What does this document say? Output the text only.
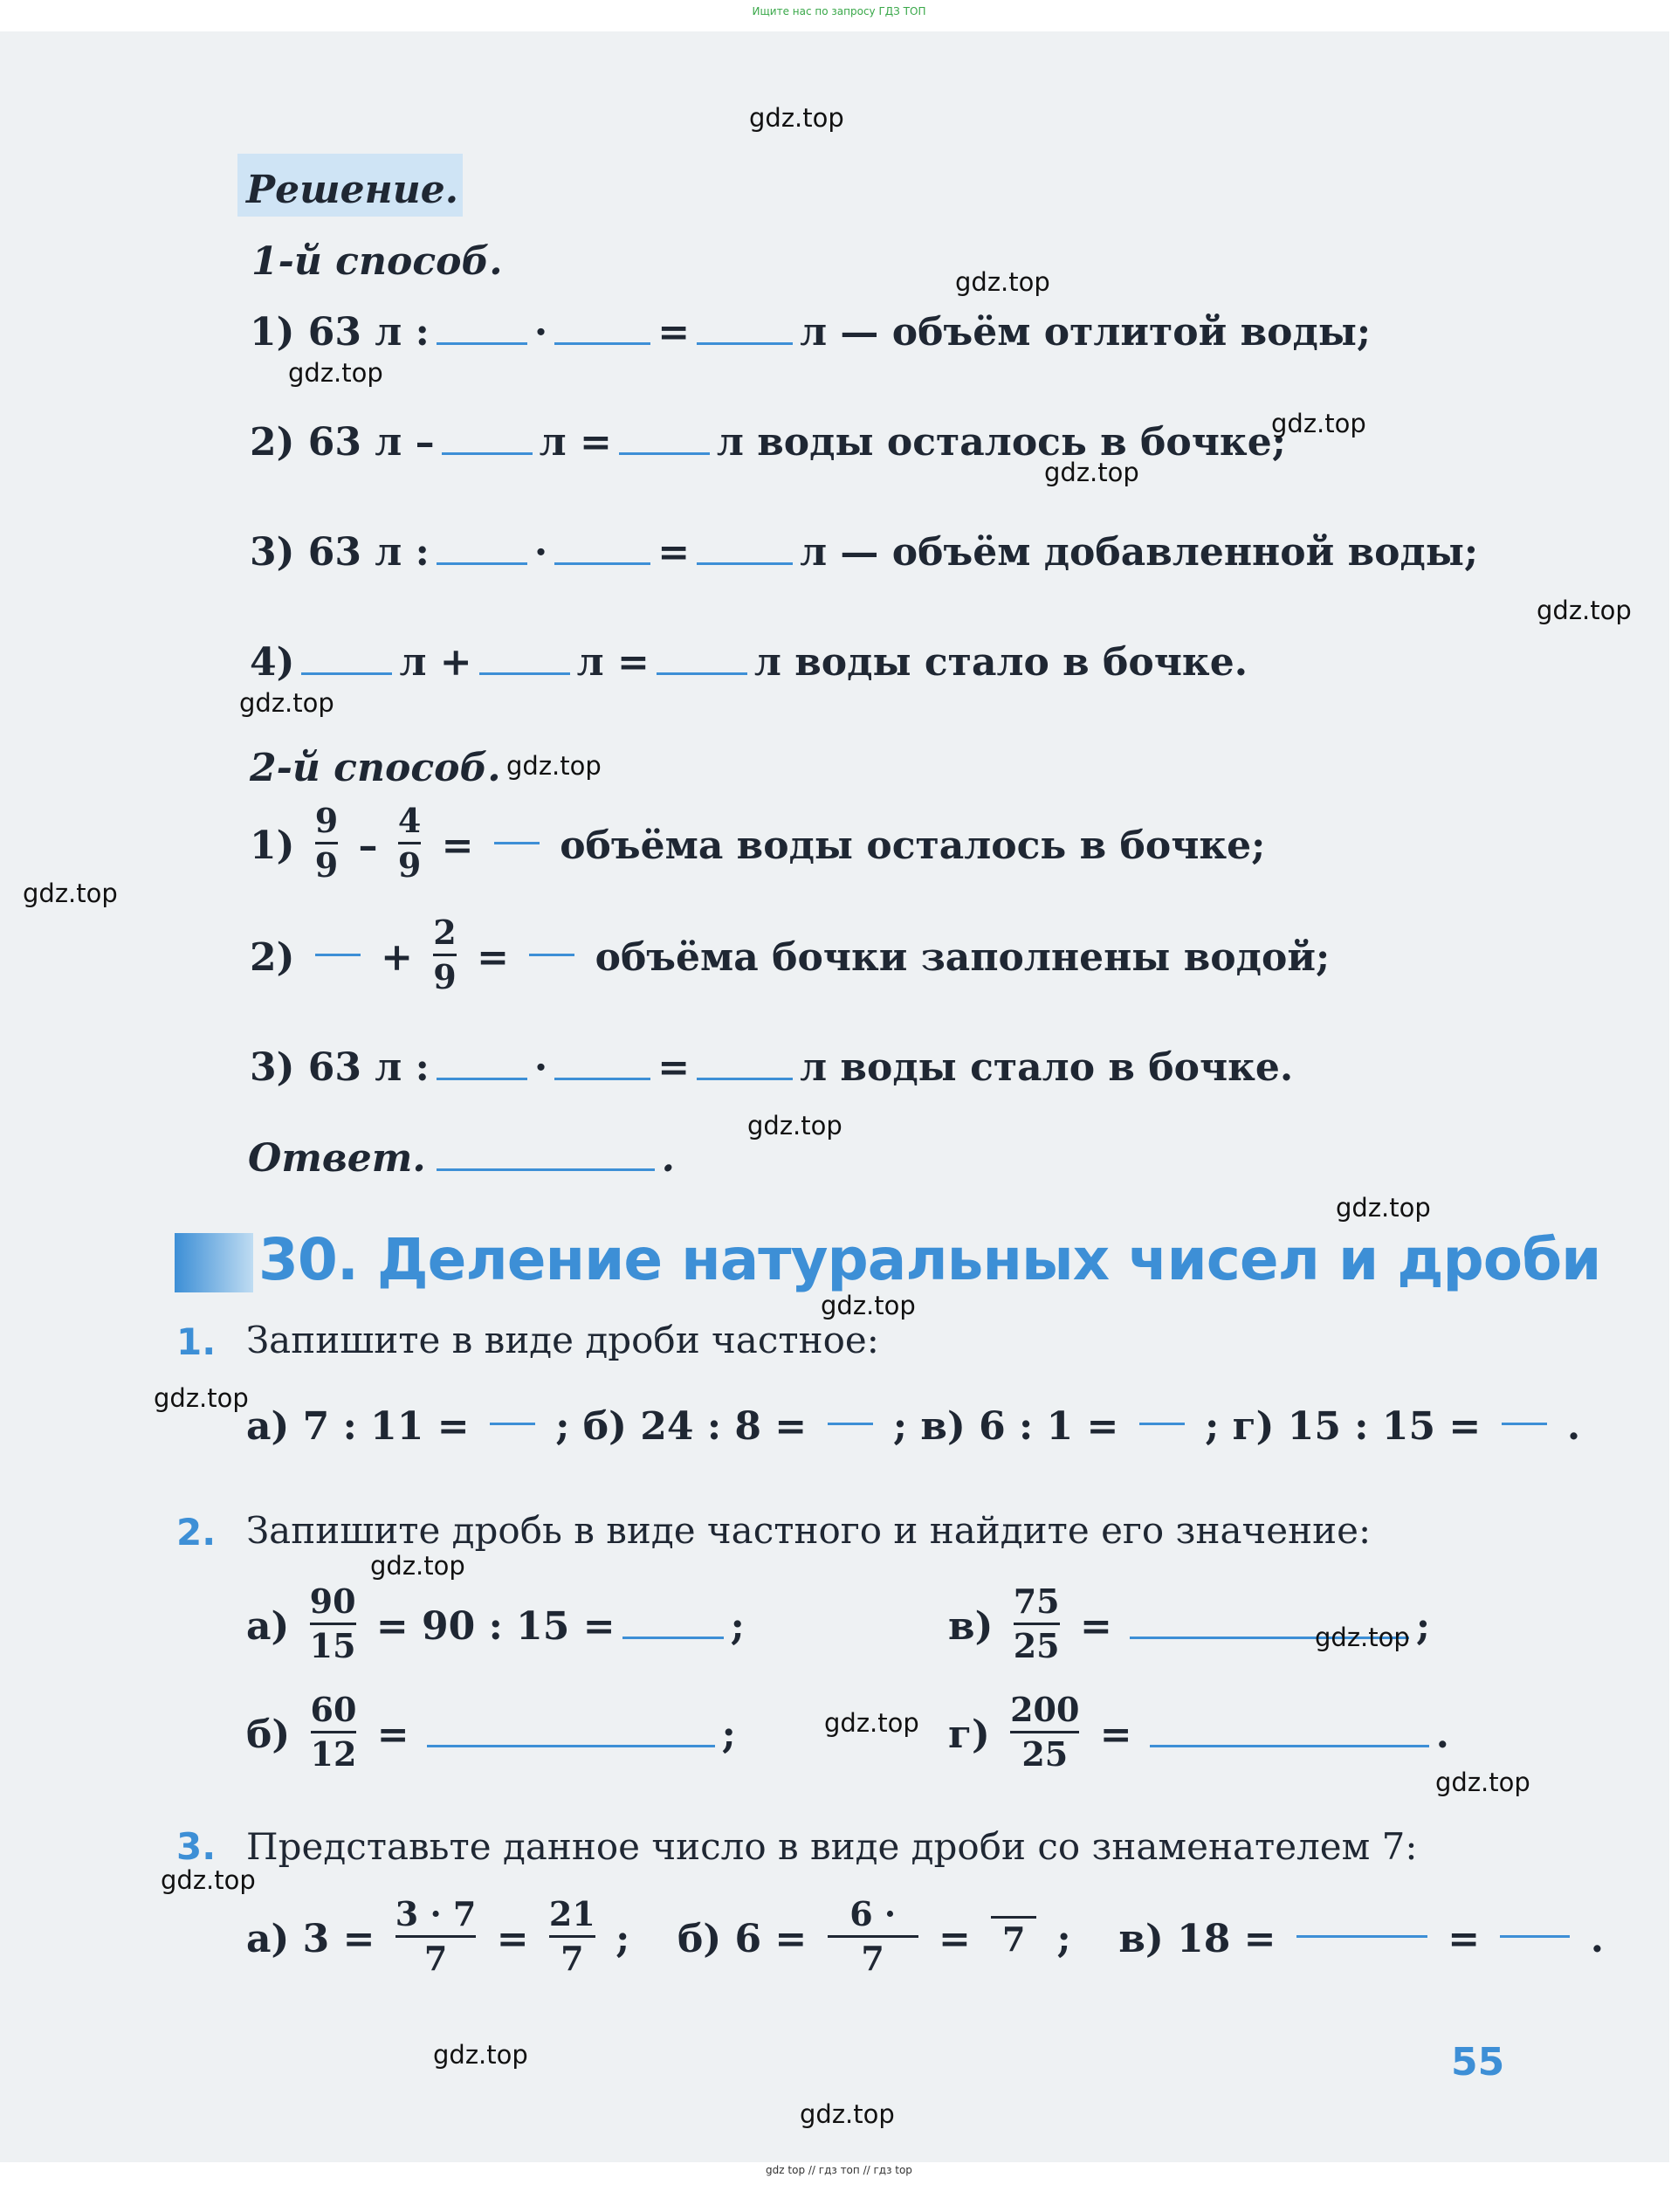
Ищите нас по запросу ГДЗ ТОП
Решение.
1-й способ.
1) 63 л :	·	=	л — объём отлитой воды;
2) 63 л –	л =	л воды осталось в бочке;
3) 63 л :	·	=	л — объём добавленной воды;
4)	л +	л =	л воды стало в бочке.
2-й способ.
$1) \frac{9}{9} - \frac{4}{9}$ = объёма воды осталось в бочке;
$2) + \frac{2}{9}$ = объёма бочки заполнены водой;
3) 63 л :	·	=	л воды стало в бочке.
Ответ.	.
30. Деление натуральных чисел и дроби
1. Запишите в виде дроби частное:
а) 7 : 11 = ; б) 24 : 8 = ; в) 6 : 1 = ; г) 15 : 15 = .
2. Запишите дробь в виде частного и найдите его значение:
$а) \frac{90}{15} = 90$ : 15 =	;	$в) \frac{75}{25}$ =	;
$б) \frac{60}{12}$ =	;	$г) \frac{200}{25}$ =	.
3. Представьте данное число в виде дроби со знаменателем 7:
а) $3 = \frac{3 \cdot 7}{7} = \frac{21}{7}$ ; б) $6 = \frac{6 \cdot}{7} = 7$ ; в) 18 =	=	.
55
gdz.top
gdz.top
gdz.top
gdz.top
gdz.top
gdz.top
gdz.top
gdz.top
gdz.top
gdz.top
gdz.top
gdz.top
gdz.top
gdz.top
gdz.top
gdz.top
gdz.top
gdz.top
gdz.top
gdz.top
gdz top // гдз топ // гдз top
